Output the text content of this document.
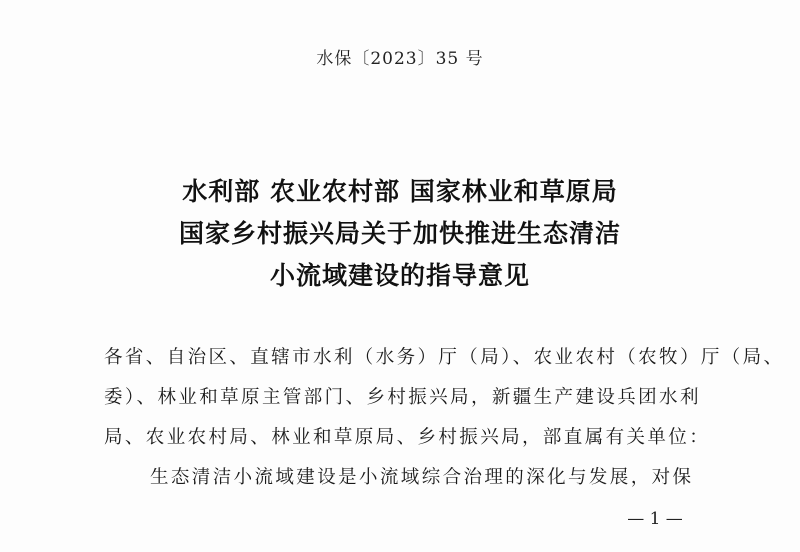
水保〔2023〕35 号
水利部 农业农村部 国家林业和草原局
国家乡村振兴局关于加快推进生态清洁
小流域建设的指导意见
各省、自治区、直辖市水利（水务）厅（局）、农业农村（农牧）厅（局、
委）、林业和草原主管部门、乡村振兴局，新疆生产建设兵团水利
局、农业农村局、林业和草原局、乡村振兴局，部直属有关单位：
生态清洁小流域建设是小流域综合治理的深化与发展，对保
— 1 —
